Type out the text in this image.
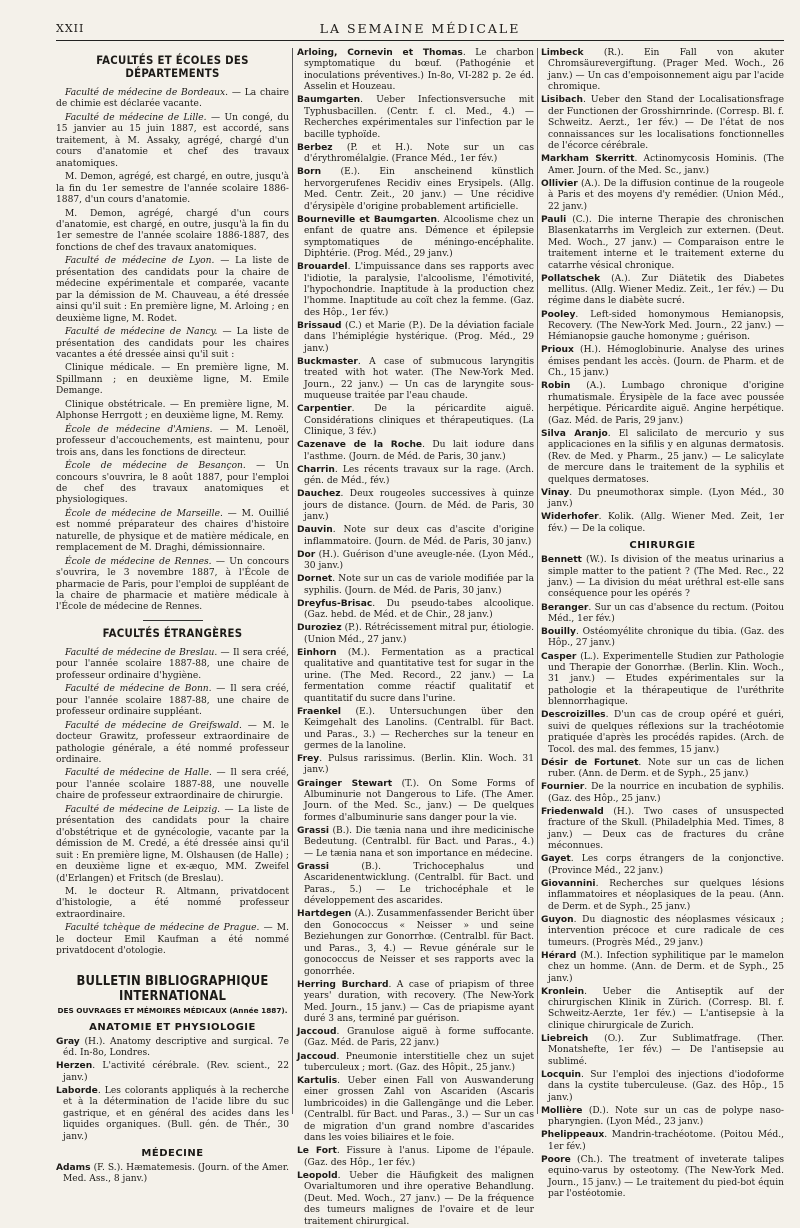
XXII	LA SEMAINE MÉDICALE
FACULTÉS ET ÉCOLES DES DÉPARTEMENTS

Faculté de médecine de Bordeaux. — La chaire de chimie est déclarée vacante.

Faculté de médecine de Lille. — Un congé, du 15 janvier au 15 juin 1887, est accordé, sans traitement, à M. Assaky, agrégé, chargé d'un cours d'anatomie et chef des travaux anatomiques.

M. Demon, agrégé, est chargé, en outre, jusqu'à la fin du 1er semestre de l'année scolaire 1886-1887, d'un cours d'anatomie.

M. Demon, agrégé, chargé d'un cours d'anatomie, est chargé, en outre, jusqu'à la fin du 1er semestre de l'année scolaire 1886-1887, des fonctions de chef des travaux anatomiques.

Faculté de médecine de Lyon. — La liste de présentation des candidats pour la chaire de médecine expérimentale et comparée, vacante par la démission de M. Chauveau, a été dressée ainsi qu'il suit : En première ligne, M. Arloing ; en deuxième ligne, M. Rodet.

Faculté de médecine de Nancy. — La liste de présentation des candidats pour les chaires vacantes a été dressée ainsi qu'il suit :

Clinique médicale. — En première ligne, M. Spillmann ; en deuxième ligne, M. Emile Demange.

Clinique obstétricale. — En première ligne, M. Alphonse Herrgott ; en deuxième ligne, M. Remy.

École de médecine d'Amiens. — M. Lenoël, professeur d'accouchements, est maintenu, pour trois ans, dans les fonctions de directeur.

École de médecine de Besançon. — Un concours s'ouvrira, le 8 août 1887, pour l'emploi de chef des travaux anatomiques et physiologiques.

École de médecine de Marseille. — M. Ouillié est nommé préparateur des chaires d'histoire naturelle, de physique et de matière médicale, en remplacement de M. Draghi, démissionnaire.

École de médecine de Rennes. — Un concours s'ouvrira, le 3 novembre 1887, à l'École de pharmacie de Paris, pour l'emploi de suppléant de la chaire de pharmacie et matière médicale à l'École de médecine de Rennes.

FACULTÉS ÉTRANGÈRES

Faculté de médecine de Breslau. — Il sera créé, pour l'année scolaire 1887-88, une chaire de professeur ordinaire d'hygiène.

Faculté de médecine de Bonn. — Il sera créé, pour l'année scolaire 1887-88, une chaire de professeur ordinaire suppléant.

Faculté de médecine de Greifswald. — M. le docteur Grawitz, professeur extraordinaire de pathologie générale, a été nommé professeur ordinaire.

Faculté de médecine de Halle. — Il sera créé, pour l'année scolaire 1887-88, une nouvelle chaire de professeur extraordinaire de chirurgie.

Faculté de médecine de Leipzig. — La liste de présentation des candidats pour la chaire d'obstétrique et de gynécologie, vacante par la démission de M. Credé, a été dressée ainsi qu'il suit : En première ligne, M. Olshausen (de Halle) ; en deuxième ligne et ex-æquo, MM. Zweifel (d'Erlangen) et Fritsch (de Breslau).

M. le docteur R. Altmann, privatdocent d'histologie, a été nommé professeur extraordinaire.

Faculté tchèque de médecine de Prague. — M. le docteur Emil Kaufman a été nommé privatdocent d'otologie.

BULLETIN BIBLIOGRAPHIQUE INTERNATIONAL
DES OUVRAGES ET MÉMOIRES MÉDICAUX (Année 1887).
ANATOMIE ET PHYSIOLOGIE

Gray (H.). Anatomy descriptive and surgical. 7e éd. In-8o, Londres.

Herzen. L'activité cérébrale. (Rev. scient., 22 janv.)

Laborde. Les colorants appliqués à la recherche et à la détermination de l'acide libre du suc gastrique, et en général des acides dans les liquides organiques. (Bull. gén. de Thér., 30 janv.)

MÉDECINE

Adams (F. S.). Hæmatemesis. (Journ. of the Amer. Med. Ass., 8 janv.)

Arloing, Cornevin et Thomas. Le charbon symptomatique du bœuf. (Pathogénie et inoculations préventives.) In-8o, VI-282 p. 2e éd. Asselin et Houzeau.

Baumgarten. Ueber Infectionsversuche mit Typhusbacillen. (Centr. f. cl. Med., 4.) — Recherches expérimentales sur l'infection par le bacille typhoïde.

Berbez (P. et H.). Note sur un cas d'érythromélalgie. (France Méd., 1er fév.)

Born (E.). Ein anscheinend künstlich hervorgerufenes Recidiv eines Erysipels. (Allg. Med. Centr. Zeit., 20 janv.) — Une récidive d'érysipèle d'origine probablement artificielle.

Bourneville et Baumgarten. Alcoolisme chez un enfant de quatre ans. Démence et épilepsie symptomatiques de méningo-encéphalite. Diphtérie. (Prog. Méd., 29 janv.)

Brouardel. L'impuissance dans ses rapports avec l'idiotie, la paralysie, l'alcoolisme, l'émotivité, l'hypochondrie. Inaptitude à la production chez l'homme. Inaptitude au coït chez la femme. (Gaz. des Hôp., 1er fév.)

Brissaud (C.) et Marie (P.). De la déviation faciale dans l'hémiplégie hystérique. (Prog. Méd., 29 janv.)

Buckmaster. A case of submucous laryngitis treated with hot water. (The New-York Med. Journ., 22 janv.) — Un cas de laryngite sous-muqueuse traitée par l'eau chaude.

Carpentier. De la péricardite aiguë. Considérations cliniques et thérapeutiques. (La Clinique, 3 fév.)

Cazenave de la Roche. Du lait iodure dans l'asthme. (Journ. de Méd. de Paris, 30 janv.)

Charrin. Les récents travaux sur la rage. (Arch. gén. de Méd., fév.)

Dauchez. Deux rougeoles successives à quinze jours de distance. (Journ. de Méd. de Paris, 30 janv.)

Dauvin. Note sur deux cas d'ascite d'origine inflammatoire. (Journ. de Méd. de Paris, 30 janv.)

Dor (H.). Guérison d'une aveugle-née. (Lyon Méd., 30 janv.)

Dornet. Note sur un cas de variole modifiée par la syphilis. (Journ. de Méd. de Paris, 30 janv.)

Dreyfus-Brisac. Du pseudo-tabes alcoolique. (Gaz. hebd. de Méd. et de Chir., 28 janv.)

Duroziez (P.). Rétrécissement mitral pur, étiologie. (Union Méd., 27 janv.)

Einhorn (M.). Fermentation as a practical qualitative and quantitative test for sugar in the urine. (The Med. Record., 22 janv.) — La fermentation comme réactif qualitatif et quantitatif du sucre dans l'urine.

Fraenkel (E.). Untersuchungen über den Keimgehalt des Lanolins. (Centralbl. für Bact. und Paras., 3.) — Recherches sur la teneur en germes de la lanoline.

Frey. Pulsus rarissimus. (Berlin. Klin. Woch. 31 janv.)

Grainger Stewart (T.). On Some Forms of Albuminurie not Dangerous to Life. (The Amer. Journ. of the Med. Sc., janv.) — De quelques formes d'albuminurie sans danger pour la vie.

Grassi (B.). Die tænia nana und ihre medicinische Bedeutung. (Centralbl. für Bact. und Paras., 4.) — Le tænia nana et son importance en médecine.

Grassi (B.). Trichocephalus und Ascaridenentwicklung. (Centralbl. für Bact. und Paras., 5.) — Le trichocéphale et le développement des ascarides.

Hartdegen (A.). Zusammenfassender Bericht über den Gonococcus « Neisser » und seine Beziehungen zur Gonorrhœ. (Centralbl. für Bact. und Paras., 3, 4.) — Revue générale sur le gonococcus de Neisser et ses rapports avec la gonorrhée.

Herring Burchard. A case of priapism of three years' duration, with recovery. (The New-York Med. Journ., 15 janv.) — Cas de priapisme ayant duré 3 ans, terminé par guérison.

Jaccoud. Granulose aiguë à forme suffocante. (Gaz. Méd. de Paris, 22 janv.)

Jaccoud. Pneumonie interstitielle chez un sujet tuberculeux ; mort. (Gaz. des Hôpit., 25 janv.)

Kartulis. Ueber einen Fall von Auswanderung einer grossen Zahl von Ascariden (Ascaris lumbricoides) in die Gallengänge und die Leber. (Centralbl. für Bact. und Paras., 3.) — Sur un cas de migration d'un grand nombre d'ascarides dans les voies biliaires et le foie.

Le Fort. Fissure à l'anus. Lipome de l'épaule. (Gaz. des Hôp., 1er fév.)

Leopold. Ueber die Häufigkeit des malignen Ovarialtumoren und ihre operative Behandlung. (Deut. Med. Woch., 27 janv.) — De la fréquence des tumeurs malignes de l'ovaire et de leur traitement chirurgical.

Limbeck (R.). Ein Fall von akuter Chromsäurevergiftung. (Prager Med. Woch., 26 janv.) — Un cas d'empoisonnement aigu par l'acide chromique.

Lisibach. Ueber den Stand der Localisationsfrage der Functionen der Grosshirnrinde. (Corresp. Bl. f. Schweitz. Aerzt., 1er fév.) — De l'état de nos connaissances sur les localisations fonctionnelles de l'écorce cérébrale.

Markham Skerritt. Actinomycosis Hominis. (The Amer. Journ. of the Med. Sc., janv.)

Ollivier (A.). De la diffusion continue de la rougeole à Paris et des moyens d'y remédier. (Union Méd., 22 janv.)

Pauli (C.). Die interne Therapie des chronischen Blasenkatarrhs im Vergleich zur externen. (Deut. Med. Woch., 27 janv.) — Comparaison entre le traitement interne et le traitement externe du catarrhe vésical chronique.

Pollatschek (A.). Zur Diätetik des Diabetes mellitus. (Allg. Wiener Mediz. Zeit., 1er fév.) — Du régime dans le diabète sucré.

Pooley. Left-sided homonymous Hemianopsis, Recovery. (The New-York Med. Journ., 22 janv.) — Hémianopsie gauche homonyme ; guérison.

Prioux (H.). Hémoglobinurie. Analyse des urines émises pendant les accès. (Journ. de Pharm. et de Ch., 15 janv.)

Robin (A.). Lumbago chronique d'origine rhumatismale. Érysipèle de la face avec poussée herpétique. Péricardite aiguë. Angine herpétique. (Gaz. Méd. de Paris, 29 janv.)

Silva Aranjo. El salicilato de mercurio y sus applicaciones en la sifilis y en algunas dermatosis. (Rev. de Med. y Pharm., 25 janv.) — Le salicylate de mercure dans le traitement de la syphilis et quelques dermatoses.

Vinay. Du pneumothorax simple. (Lyon Méd., 30 janv.)

Widerhofer. Kolik. (Allg. Wiener Med. Zeit, 1er fév.) — De la colique.

CHIRURGIE

Bennett (W.). Is division of the meatus urinarius a simple matter to the patient ? (The Med. Rec., 22 janv.) — La division du méat uréthral est-elle sans conséquence pour les opérés ?

Beranger. Sur un cas d'absence du rectum. (Poitou Méd., 1er fév.)

Bouilly. Ostéomyélite chronique du tibia. (Gaz. des Hôp., 27 janv.)

Casper (L.). Experimentelle Studien zur Pathologie und Therapie der Gonorrhæ. (Berlin. Klin. Woch., 31 janv.) — Etudes expérimentales sur la pathologie et la thérapeutique de l'uréthrite blennorrhagique.

Descroizilles. D'un cas de croup opéré et guéri, suivi de quelques réflexions sur la trachéotomie pratiquée d'après les procédés rapides. (Arch. de Tocol. des mal. des femmes, 15 janv.)

Désir de Fortunet. Note sur un cas de lichen ruber. (Ann. de Derm. et de Syph., 25 janv.)

Fournier. De la nourrice en incubation de syphilis. (Gaz. des Hôp., 25 janv.)

Friedenwald (H.). Two cases of unsuspected fracture of the Skull. (Philadelphia Med. Times, 8 janv.) — Deux cas de fractures du crâne méconnues.

Gayet. Les corps étrangers de la conjonctive. (Province Méd., 22 janv.)

Giovannini. Recherches sur quelques lésions inflammatoires et néoplasiques de la peau. (Ann. de Derm. et de Syph., 25 janv.)

Guyon. Du diagnostic des néoplasmes vésicaux ; intervention précoce et cure radicale de ces tumeurs. (Progrès Méd., 29 janv.)

Hérard (M.). Infection syphilitique par le mamelon chez un homme. (Ann. de Derm. et de Syph., 25 janv.)

Kronlein. Ueber die Antiseptik auf der chirurgischen Klinik in Zürich. (Corresp. Bl. f. Schweitz-Aerzte, 1er fév.) — L'antisepsie à la clinique chirurgicale de Zurich.

Liebreich (O.). Zur Sublimatfrage. (Ther. Monatshefte, 1er fév.) — De l'antisepsie au sublimé.

Locquin. Sur l'emploi des injections d'iodoforme dans la cystite tuberculeuse. (Gaz. des Hôp., 15 janv.)

Mollière (D.). Note sur un cas de polype naso-pharyngien. (Lyon Méd., 23 janv.)

Phelippeaux. Mandrin-trachéotome. (Poitou Méd., 1er fév.)

Poore (Ch.). The treatment of inveterate talipes equino-varus by osteotomy. (The New-York Med. Journ., 15 janv.) — Le traitement du pied-bot équin par l'ostéotomie.
